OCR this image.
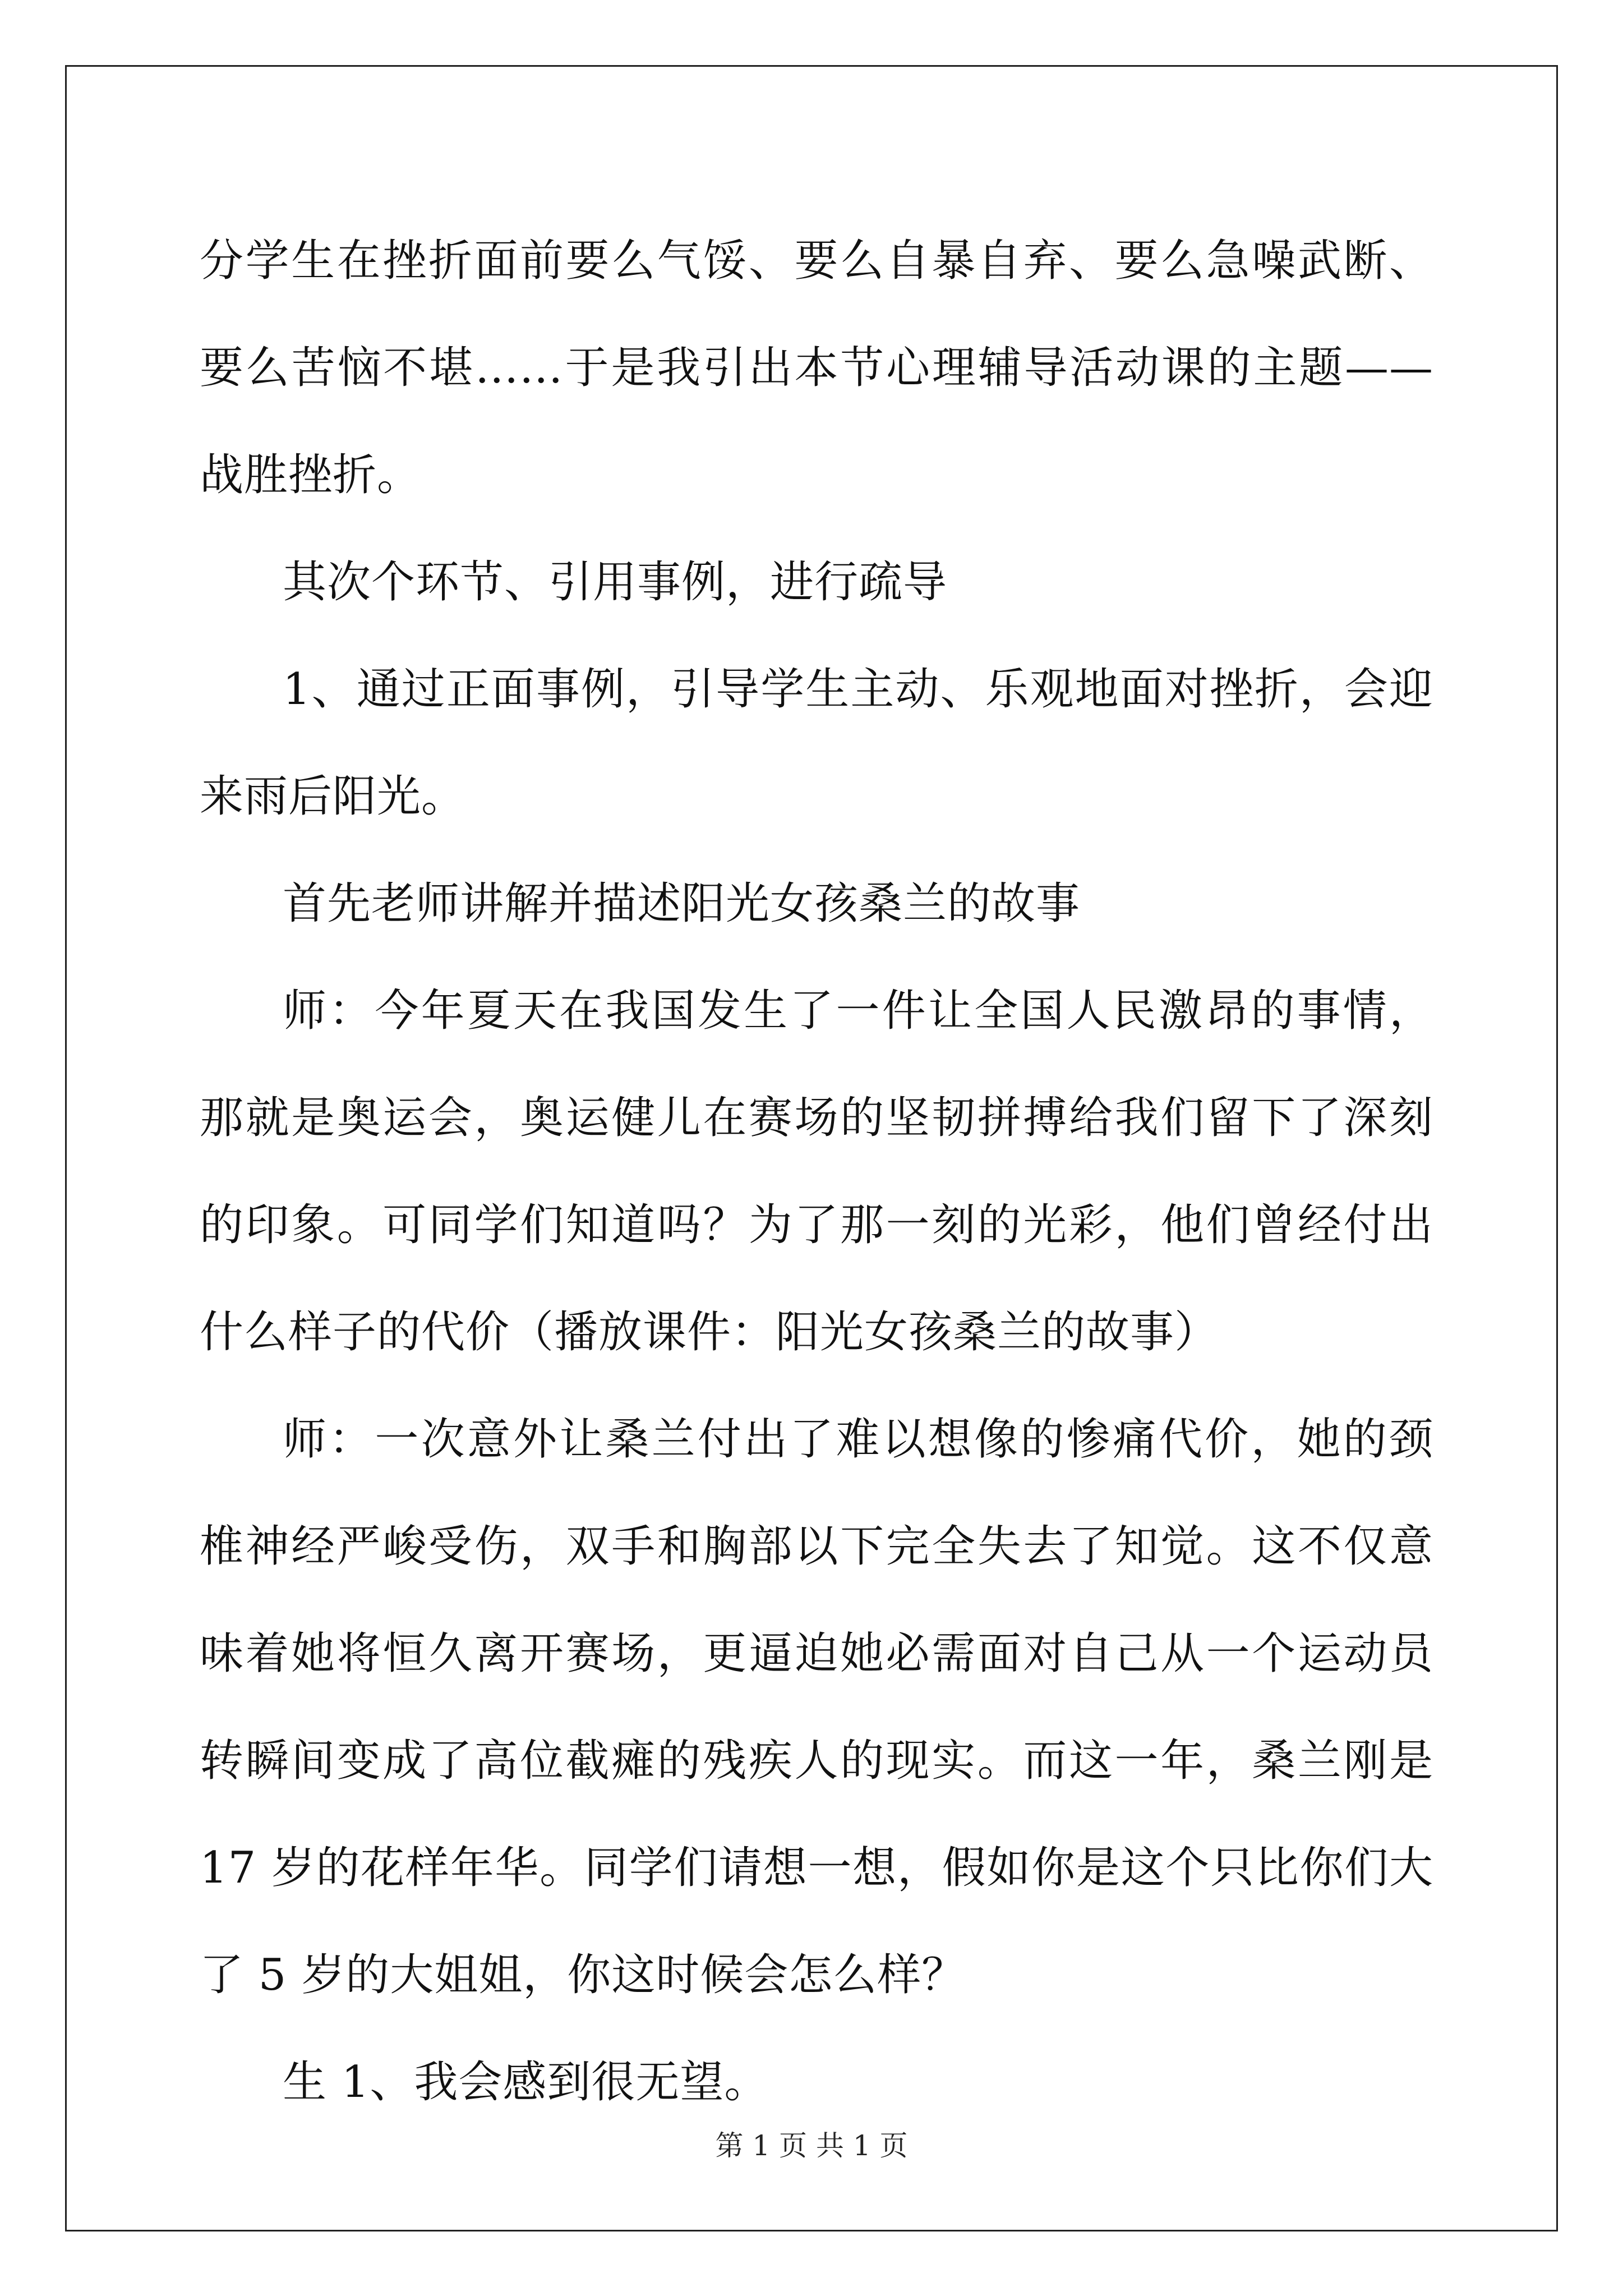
分学生在挫折面前要么气馁、要么自暴自弃、要么急噪武断、要么苦恼不堪……于是我引出本节心理辅导活动课的主题——战胜挫折。

其次个环节、引用事例，进行疏导

1、通过正面事例，引导学生主动、乐观地面对挫折，会迎来雨后阳光。

首先老师讲解并描述阳光女孩桑兰的故事

师：今年夏天在我国发生了一件让全国人民激昂的事情，那就是奥运会，奥运健儿在赛场的坚韧拼搏给我们留下了深刻的印象。可同学们知道吗？为了那一刻的光彩，他们曾经付出什么样子的代价（播放课件：阳光女孩桑兰的故事）

师：一次意外让桑兰付出了难以想像的惨痛代价，她的颈椎神经严峻受伤，双手和胸部以下完全失去了知觉。这不仅意味着她将恒久离开赛场，更逼迫她必需面对自己从一个运动员转瞬间变成了高位截瘫的残疾人的现实。而这一年，桑兰刚是 17 岁的花样年华。同学们请想一想，假如你是这个只比你们大了 5 岁的大姐姐，你这时候会怎么样？

生 1、我会感到很无望。

第 1 页 共 1 页
